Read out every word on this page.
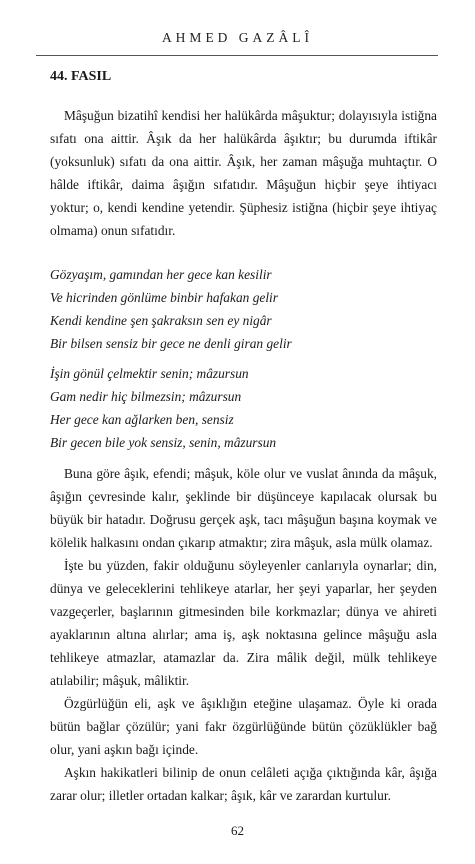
AHMED GAZÂLÎ
44. FASIL

Mâşuğun bizatihî kendisi her halükârda mâşuktur; dolayısıyla istiğna sıfatı ona aittir. Âşık da her halükârda âşıktır; bu durumda iftikâr (yoksunluk) sıfatı da ona aittir. Âşık, her zaman mâşuğa muhtaçtır. O hâlde iftikâr, daima âşığın sıfatıdır. Mâşuğun hiçbir şeye ihtiyacı yoktur; o, kendi kendine yetendir. Şüphesiz istiğna (hiçbir şeye ihtiyaç olmama) onun sıfatıdır.

Gözyaşım, gamından her gece kan kesilir

Ve hicrinden gönlüme binbir hafakan gelir

Kendi kendine şen şakraksın sen ey nigâr

Bir bilsen sensiz bir gece ne denli giran gelir

İşin gönül çelmektir senin; mâzursun

Gam nedir hiç bilmezsin; mâzursun

Her gece kan ağlarken ben, sensiz

Bir gecen bile yok sensiz, senin, mâzursun

Buna göre âşık, efendi; mâşuk, köle olur ve vuslat ânında da mâşuk, âşığın çevresinde kalır, şeklinde bir düşünceye kapılacak olursak bu büyük bir hatadır. Doğrusu gerçek aşk, tacı mâşuğun başına koymak ve kölelik halkasını ondan çıkarıp atmaktır; zira mâşuk, asla mülk olamaz.

İşte bu yüzden, fakir olduğunu söyleyenler canlarıyla oynarlar; din, dünya ve geleceklerini tehlikeye atarlar, her şeyi yaparlar, her şeyden vazgeçerler, başlarının gitmesinden bile korkmazlar; dünya ve ahireti ayaklarının altına alırlar; ama iş, aşk noktasına gelince mâşuğu asla tehlikeye atmazlar, atamazlar da. Zira mâlik değil, mülk tehlikeye atılabilir; mâşuk, mâliktir.

Özgürlüğün eli, aşk ve âşıklığın eteğine ulaşamaz. Öyle ki orada bütün bağlar çözülür; yani fakr özgürlüğünde bütün çözüklükler bağ olur, yani aşkın bağı içinde.

Aşkın hakikatleri bilinip de onun celâleti açığa çıktığında kâr, âşığa zarar olur; illetler ortadan kalkar; âşık, kâr ve zarardan kurtulur.

62
